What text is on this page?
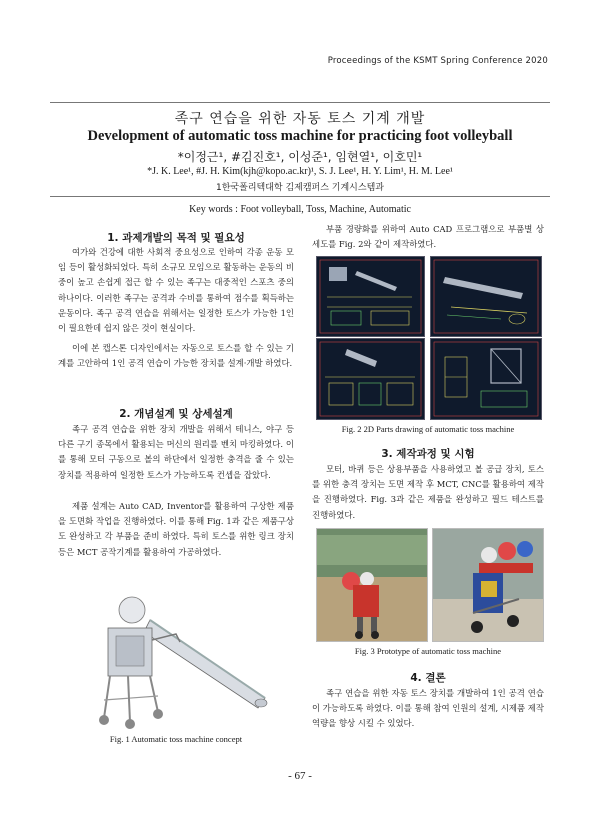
Proceedings of the KSMT Spring Conference 2020
족구 연습을 위한 자동 토스 기계 개발
Development of automatic toss machine for practicing foot volleyball
*이정근¹, #김진호¹, 이성준¹, 임현열¹, 이호민¹
*J. K. Lee¹, #J. H. Kim(kjh@kopo.ac.kr)¹, S. J. Lee¹, H. Y. Lim¹, H. M. Lee¹
1한국폴리텍대학 김제캠퍼스 기계시스템과
Key words : Foot volleyball, Toss, Machine, Automatic
1. 과제개발의 목적 및 필요성
여가와 건강에 대한 사회적 중요성으로 인하여 각종 운동 모임 등이 활성화되었다. 특히 소규모 모임으로 활동하는 운동의 비중이 높고 손쉽게 접근 할 수 있는 족구는 대중적인 스포츠 중의 하나이다. 이러한 족구는 공격과 수비를 통하여 점수를 획득하는 운동이다. 족구 공격 연습을 위해서는 일정한 토스가 가능한 1인이 필요한데 쉽지 않은 것이 현실이다.
이에 본 캡스톤 디자인에서는 자동으로 토스를 할 수 있는 기계를 고안하여 1인 공격 연습이 가능한 장치를 설계·개발 하였다.
2. 개념설계 및 상세설계
족구 공격 연습을 위한 장치 개발을 위해서 테니스, 야구 등 다른 구기 종목에서 활용되는 머신의 원리를 벤치 마킹하였다. 이를 통해 모터 구동으로 볼의 하단에서 일정한 충격을 줄 수 있는 장치를 적용하여 일정한 토스가 가능하도록 컨셉을 잡았다.
제품 설계는 Auto CAD, Inventor를 활용하여 구상한 제품을 도면화 작업을 진행하였다. 이를 통해 Fig. 1과 같은 제품구상도 완성하고 각 부품을 준비 하였다. 특히 토스를 위한 링크 장치 등은 MCT 공작기계를 활용하여 가공하였다.
Fig. 1 Automatic toss machine concept
부품 경량화를 위하여 Auto CAD 프로그램으로 부품별 상세도를 Fig. 2와 같이 제작하였다.
Fig. 2 2D Parts drawing of automatic toss machine
3. 제작과정 및 시험
모터, 바퀴 등은 상용부품을 사용하였고 볼 공급 장치, 토스를 위한 충격 장치는 도면 제작 후 MCT, CNC를 활용하여 제작을 진행하였다. Fig. 3과 같은 제품을 완성하고 필드 테스트를 진행하였다.
Fig. 3 Prototype of automatic toss machine
4. 결론
족구 연습을 위한 자동 토스 장치를 개발하여 1인 공격 연습이 가능하도록 하였다. 이를 통해 참여 인원의 설계, 시제품 제작 역량을 향상 시킬 수 있었다.
- 67 -
